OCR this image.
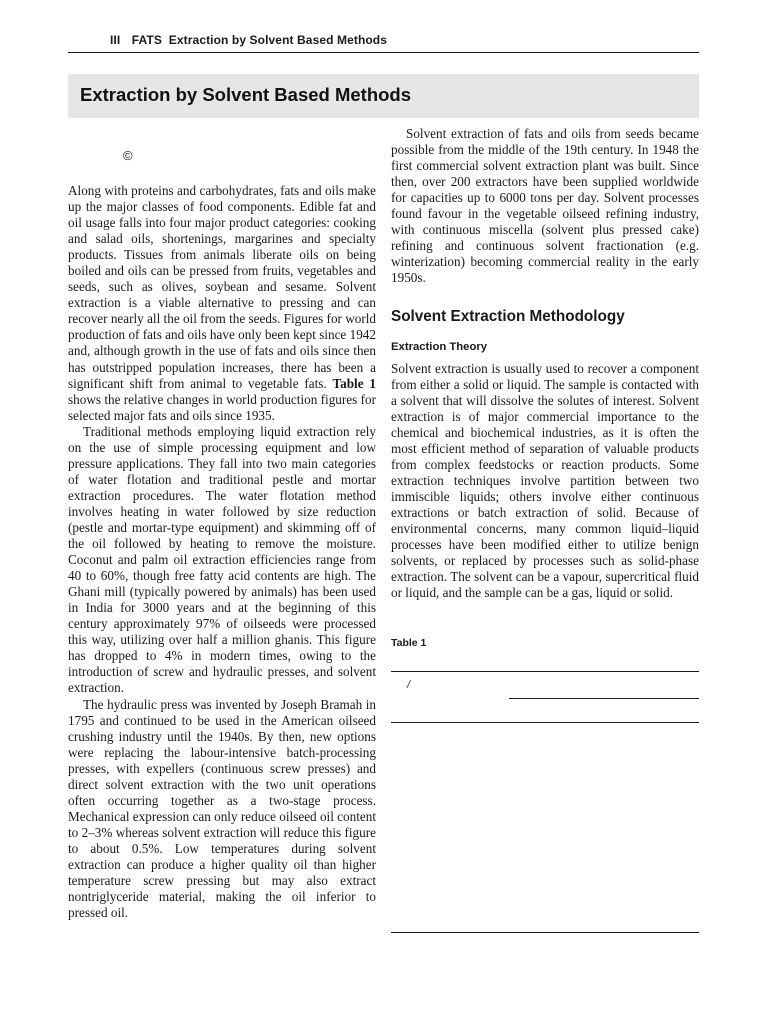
III FATS  Extraction by Solvent Based Methods
Extraction by Solvent Based Methods
©

Along with proteins and carbohydrates, fats and oils make up the major classes of food components. Edible fat and oil usage falls into four major product categories: cooking and salad oils, shortenings, margarines and specialty products. Tissues from animals liberate oils on being boiled and oils can be pressed from fruits, vegetables and seeds, such as olives, soybean and sesame. Solvent extraction is a viable alternative to pressing and can recover nearly all the oil from the seeds. Figures for world production of fats and oils have only been kept since 1942 and, although growth in the use of fats and oils since then has outstripped population increases, there has been a significant shift from animal to vegetable fats. Table 1 shows the relative changes in world production figures for selected major fats and oils since 1935.

Traditional methods employing liquid extraction rely on the use of simple processing equipment and low pressure applications. They fall into two main categories of water flotation and traditional pestle and mortar extraction procedures. The water flotation method involves heating in water followed by size reduction (pestle and mortar-type equipment) and skimming off of the oil followed by heating to remove the moisture. Coconut and palm oil extraction efficiencies range from 40 to 60%, though free fatty acid contents are high. The Ghani mill (typically powered by animals) has been used in India for 3000 years and at the beginning of this century approximately 97% of oilseeds were processed this way, utilizing over half a million ghanis. This figure has dropped to 4% in modern times, owing to the introduction of screw and hydraulic presses, and solvent extraction.

The hydraulic press was invented by Joseph Bramah in 1795 and continued to be used in the American oilseed crushing industry until the 1940s. By then, new options were replacing the labour-intensive batch-processing presses, with expellers (continuous screw presses) and direct solvent extraction with the two unit operations often occurring together as a two-stage process. Mechanical expression can only reduce oilseed oil content to 2–3% whereas solvent extraction will reduce this figure to about 0.5%. Low temperatures during solvent extraction can produce a higher quality oil than higher temperature screw pressing but may also extract nontriglyceride material, making the oil inferior to pressed oil.

Solvent extraction of fats and oils from seeds became possible from the middle of the 19th century. In 1948 the first commercial solvent extraction plant was built. Since then, over 200 extractors have been supplied worldwide for capacities up to 6000 tons per day. Solvent processes found favour in the vegetable oilseed refining industry, with continuous miscella (solvent plus pressed cake) refining and continuous solvent fractionation (e.g. winterization) becoming commercial reality in the early 1950s.

Solvent Extraction Methodology
Extraction Theory

Solvent extraction is usually used to recover a component from either a solid or liquid. The sample is contacted with a solvent that will dissolve the solutes of interest. Solvent extraction is of major commercial importance to the chemical and biochemical industries, as it is often the most efficient method of separation of valuable products from complex feedstocks or reaction products. Some extraction techniques involve partition between two immiscible liquids; others involve either continuous extractions or batch extraction of solid. Because of environmental concerns, many common liquid–liquid processes have been modified either to utilize benign solvents, or replaced by processes such as solid-phase extraction. The solvent can be a vapour, supercritical fluid or liquid, and the sample can be a gas, liquid or solid.

Table 1
/
